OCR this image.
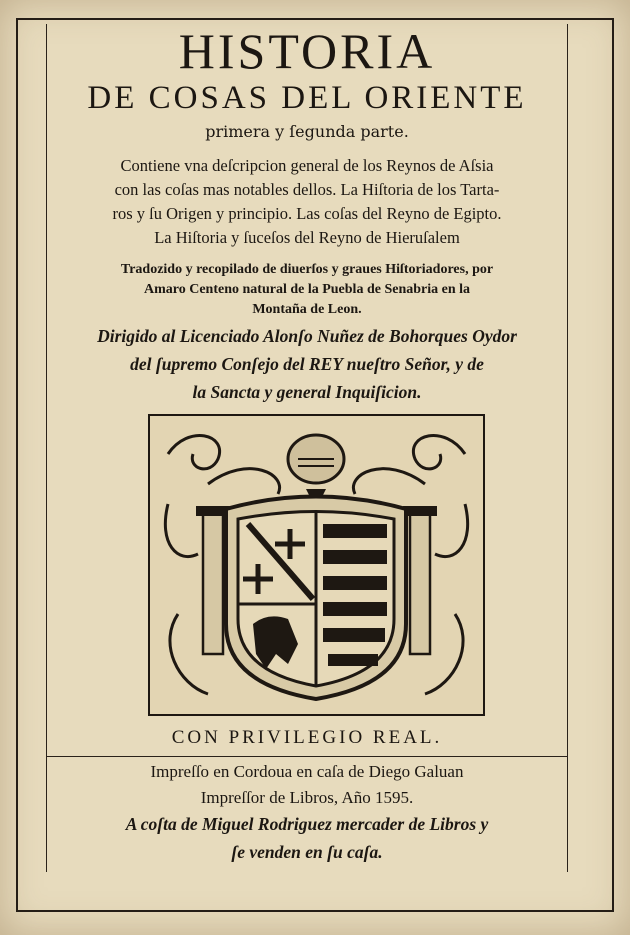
HISTORIA
DE COSAS DEL ORIENTE
primera y ſegunda parte.
Contiene vna deſcripcion general de los Reynos de Aſsia
con las coſas mas notables dellos. La Hiſtoria de los Tarta-
ros y ſu Origen y principio. Las coſas del Reyno de Egipto.
La Hiſtoria y ſuceſos del Reyno de Hieruſalem
Tradozido y recopilado de diuerſos y graues Hiſtoriadores, por
Amaro Centeno natural de la Puebla de Senabria en la
Montaña de Leon.
Dirigido al Licenciado Alonſo Nuñez de Bohorques Oydor
del ſupremo Conſejo del REY nueſtro Señor, y de
la Sancta y general Inquiſicion.
CON PRIVILEGIO REAL.
Impreſſo en Cordoua en caſa de Diego Galuan
Impreſſor de Libros, Año 1595.
A coſta de Miguel Rodriguez mercader de Libros y
ſe venden en ſu caſa.
